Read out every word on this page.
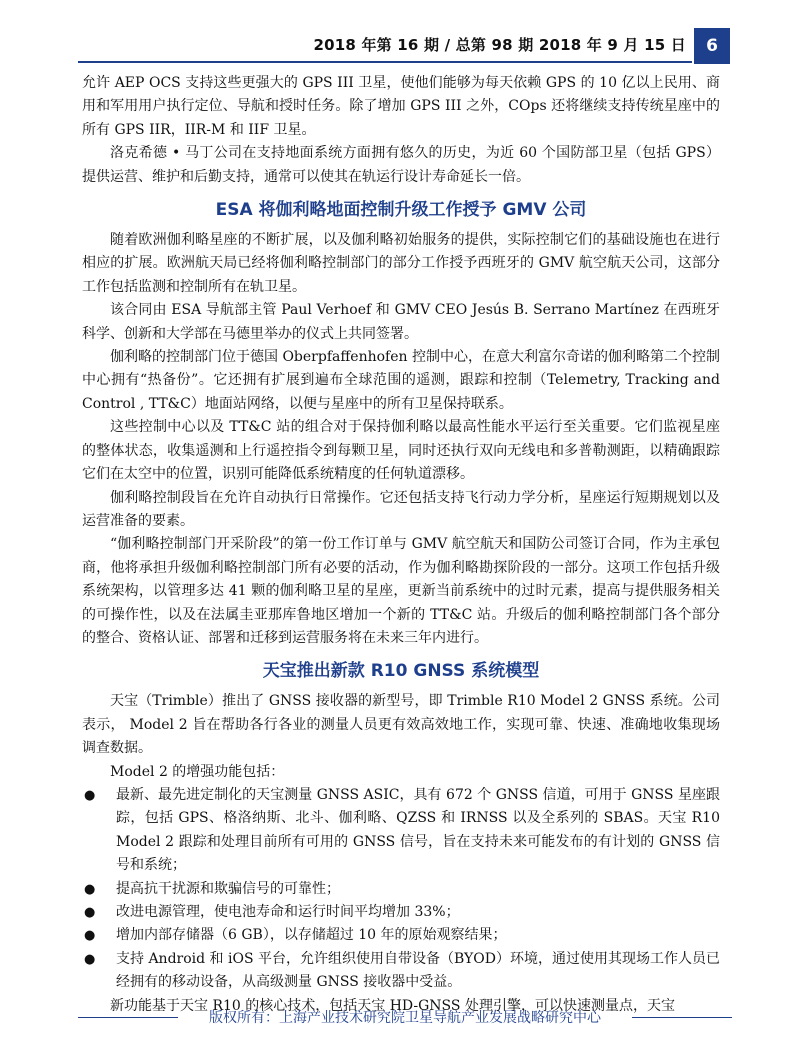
2018 年第 16 期 / 总第 98 期 2018 年 9 月 15 日	6

允许 AEP OCS 支持这些更强大的 GPS III 卫星，使他们能够为每天依赖 GPS 的 10 亿以上民用、商用和军用用户执行定位、导航和授时任务。除了增加 GPS III 之外，COps 还将继续支持传统星座中的所有 GPS IIR，IIR-M 和 IIF 卫星。

洛克希德 • 马丁公司在支持地面系统方面拥有悠久的历史，为近 60 个国防部卫星（包括 GPS）提供运营、维护和后勤支持，通常可以使其在轨运行设计寿命延长一倍。

ESA 将伽利略地面控制升级工作授予 GMV 公司

随着欧洲伽利略星座的不断扩展，以及伽利略初始服务的提供，实际控制它们的基础设施也在进行相应的扩展。欧洲航天局已经将伽利略控制部门的部分工作授予西班牙的 GMV 航空航天公司，这部分工作包括监测和控制所有在轨卫星。

该合同由 ESA 导航部主管 Paul Verhoef 和 GMV CEO Jesús B. Serrano Martínez 在西班牙科学、创新和大学部在马德里举办的仪式上共同签署。

伽利略的控制部门位于德国 Oberpfaffenhofen 控制中心，在意大利富尔奇诺的伽利略第二个控制中心拥有“热备份”。它还拥有扩展到遍布全球范围的遥测，跟踪和控制（Telemetry, Tracking and Control , TT&C）地面站网络，以便与星座中的所有卫星保持联系。

这些控制中心以及 TT&C 站的组合对于保持伽利略以最高性能水平运行至关重要。它们监视星座的整体状态，收集遥测和上行遥控指令到每颗卫星，同时还执行双向无线电和多普勒测距，以精确跟踪它们在太空中的位置，识别可能降低系统精度的任何轨道漂移。

伽利略控制段旨在允许自动执行日常操作。它还包括支持飞行动力学分析，星座运行短期规划以及运营准备的要素。

“伽利略控制部门开采阶段”的第一份工作订单与 GMV 航空航天和国防公司签订合同，作为主承包商，他将承担升级伽利略控制部门所有必要的活动，作为伽利略勘探阶段的一部分。这项工作包括升级系统架构，以管理多达 41 颗的伽利略卫星的星座，更新当前系统中的过时元素，提高与提供服务相关的可操作性，以及在法属圭亚那库鲁地区增加一个新的 TT&C 站。升级后的伽利略控制部门各个部分的整合、资格认证、部署和迁移到运营服务将在未来三年内进行。

天宝推出新款 R10 GNSS 系统模型

天宝（Trimble）推出了 GNSS 接收器的新型号，即 Trimble R10 Model 2 GNSS 系统。公司表示， Model 2 旨在帮助各行各业的测量人员更有效高效地工作，实现可靠、快速、准确地收集现场调查数据。

Model 2 的增强功能包括：

● 最新、最先进定制化的天宝测量 GNSS ASIC，具有 672 个 GNSS 信道，可用于 GNSS 星座跟踪，包括 GPS、格洛纳斯、北斗、伽利略、QZSS 和 IRNSS 以及全系列的 SBAS。天宝 R10 Model 2 跟踪和处理目前所有可用的 GNSS 信号，旨在支持未来可能发布的有计划的 GNSS 信号和系统；
● 提高抗干扰源和欺骗信号的可靠性；
● 改进电源管理，使电池寿命和运行时间平均增加 33%；
● 增加内部存储器（6 GB），以存储超过 10 年的原始观察结果；
● 支持 Android 和 iOS 平台，允许组织使用自带设备（BYOD）环境，通过使用其现场工作人员已经拥有的移动设备，从高级测量 GNSS 接收器中受益。

新功能基于天宝 R10 的核心技术，包括天宝 HD-GNSS 处理引擎，可以快速测量点，天宝

版权所有：上海产业技术研究院卫星导航产业发展战略研究中心
